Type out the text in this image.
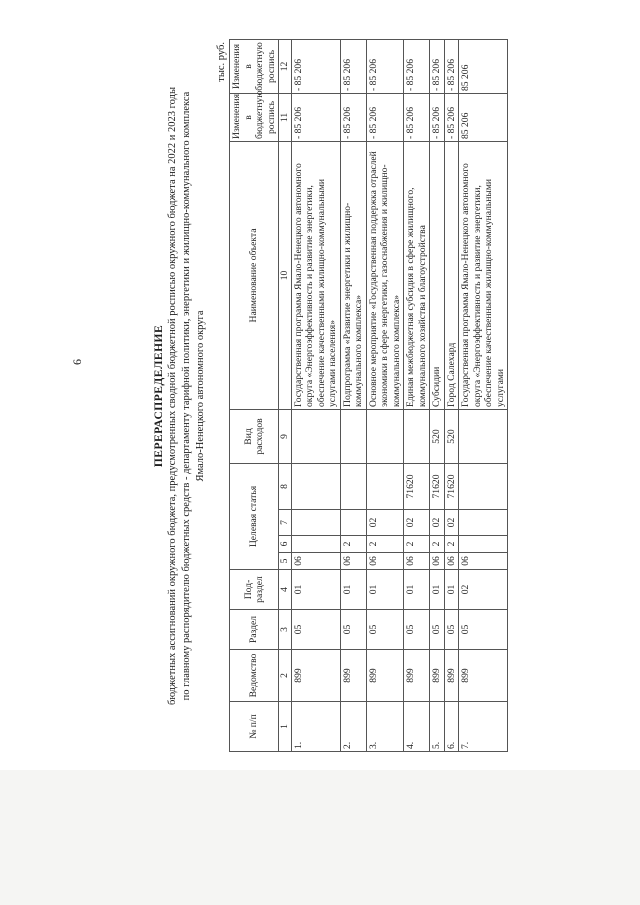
6	ПЕРЕРАСПРЕДЕЛЕНИЕ бюджетных ассигнований окружного бюджета, предусмотренных сводной бюджетной росписью окружного бюджета на 2022 и 2023 годы по главному распорядителю бюджетных средств - департаменту тарифной политики, энергетики и жилищно-коммунального комплекса Ямало-Ненецкого автономного округа
тыс. руб.
№ п/п	Ведомство	Раздел	Под-раздел	Целевая статья				Вид расходов	Наименование объекта	Изменения в бюджетную роспись	Изменения в бюджетную роспись
1	2	3	4	5	6	7	8	9	10	11	12
1.	899	05	01	06					Государственная программа Ямало-Ненецкого автономного округа «Энергоэффективность и развитие энергетики, обеспечение качественными жилищно-коммунальными услугами населения»	- 85 206	- 85 206
2.	899	05	01	06	2				Подпрограмма «Развитие энергетики и жилищно-коммунального комплекса»	- 85 206	- 85 206
3.	899	05	01	06	2	02			Основное мероприятие «Государственная поддержка отраслей экономики в сфере энергетики, газоснабжения и жилищно-коммунального комплекса»	- 85 206	- 85 206
4.	899	05	01	06	2	02	71620		Единая межбюджетная субсидия в сфере жилищного, коммунального хозяйства и благоустройства	- 85 206	- 85 206
5.	899	05	01	06	2	02	71620	520	Субсидии	- 85 206	- 85 206
6.	899	05	01	06	2	02	71620	520	Город Салехард	- 85 206	- 85 206
7.	899	05	02	06					Государственная программа Ямало-Ненецкого автономного округа «Энергоэффективность и развитие энергетики, обеспечение качественными жилищно-коммунальными услугами	85 206	85 206
